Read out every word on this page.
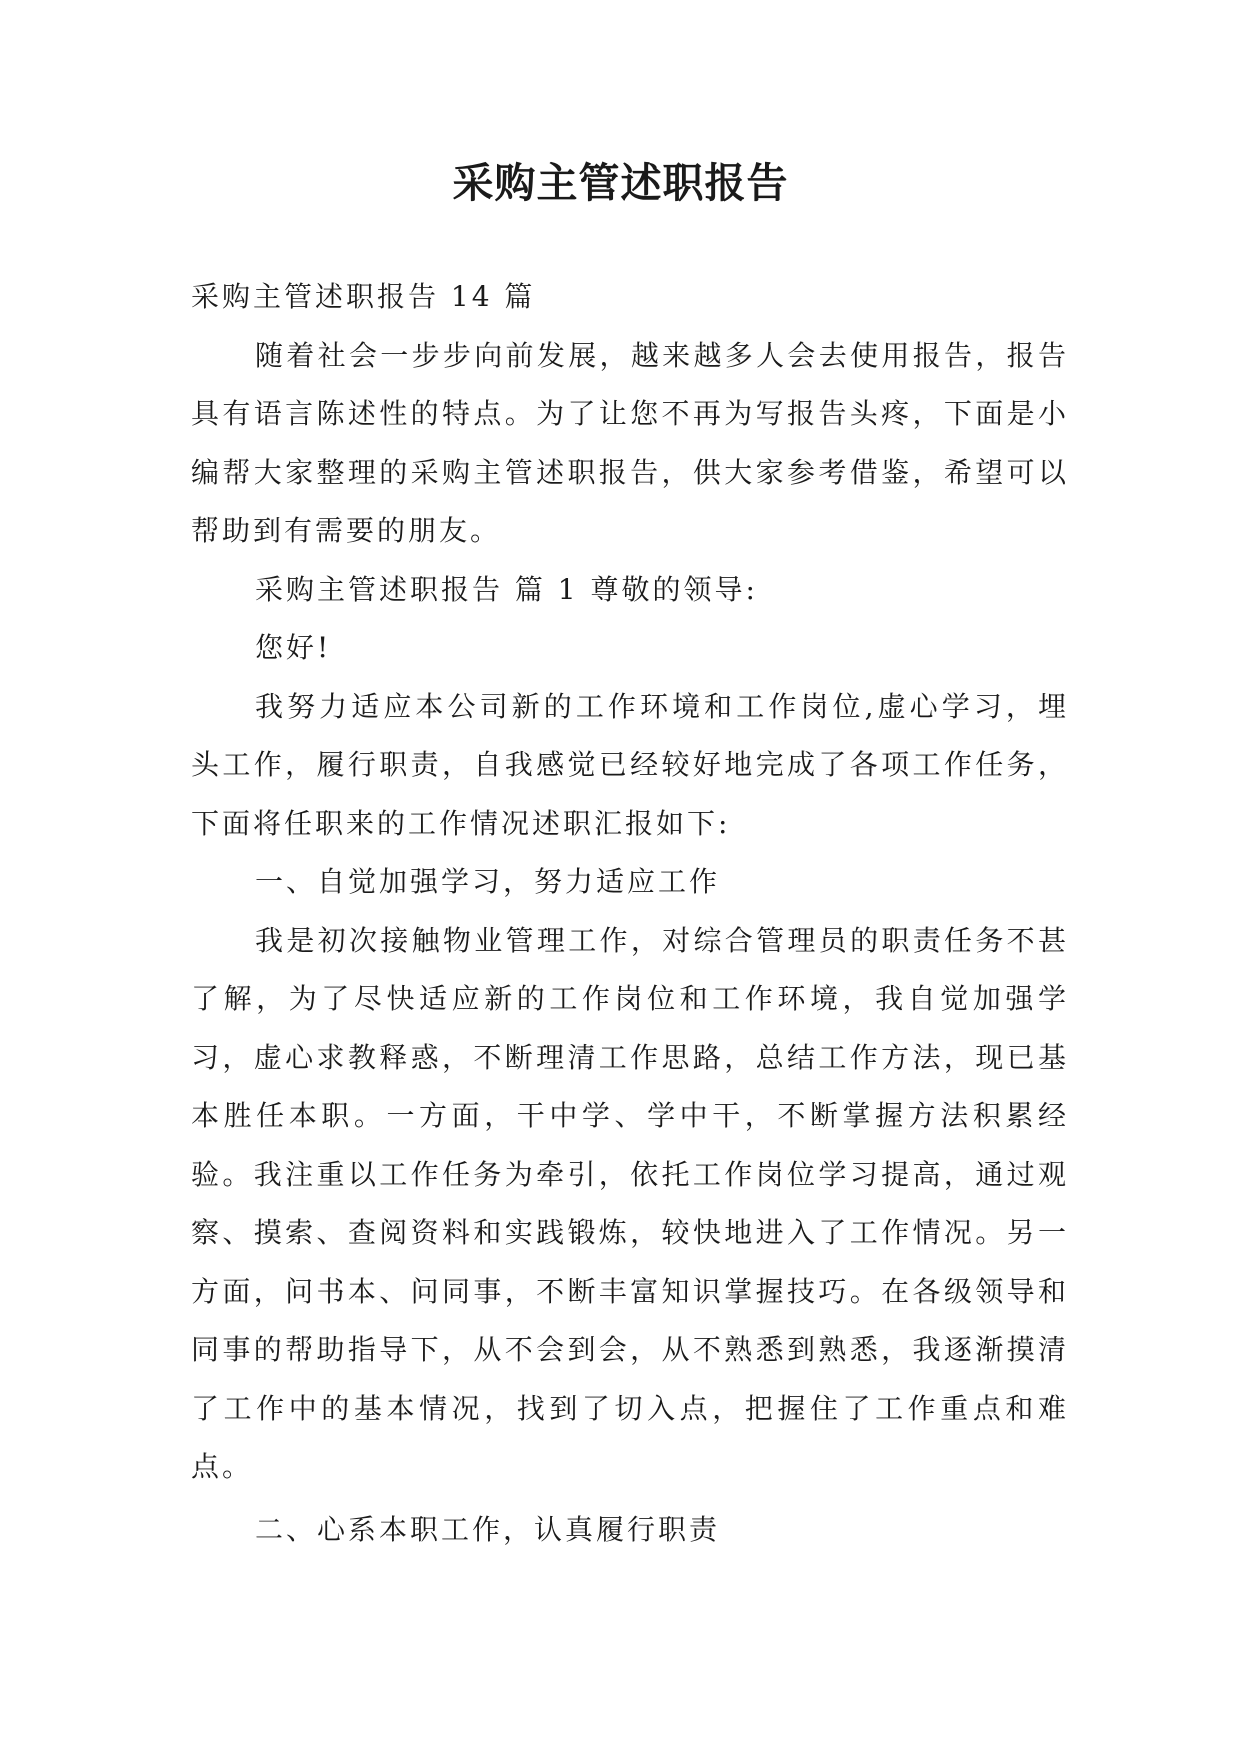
采购主管述职报告

采购主管述职报告 14 篇

随着社会一步步向前发展，越来越多人会去使用报告，报告具有语言陈述性的特点。为了让您不再为写报告头疼，下面是小编帮大家整理的采购主管述职报告，供大家参考借鉴，希望可以帮助到有需要的朋友。

采购主管述职报告 篇 1 尊敬的领导:

您好!

我努力适应本公司新的工作环境和工作岗位,虚心学习，埋头工作，履行职责，自我感觉已经较好地完成了各项工作任务，下面将任职来的工作情况述职汇报如下:

一、自觉加强学习，努力适应工作

我是初次接触物业管理工作，对综合管理员的职责任务不甚了解，为了尽快适应新的工作岗位和工作环境，我自觉加强学习，虚心求教释惑，不断理清工作思路，总结工作方法，现已基本胜任本职。一方面，干中学、学中干，不断掌握方法积累经验。我注重以工作任务为牵引，依托工作岗位学习提高，通过观察、摸索、查阅资料和实践锻炼，较快地进入了工作情况。另一方面，问书本、问同事，不断丰富知识掌握技巧。在各级领导和同事的帮助指导下，从不会到会，从不熟悉到熟悉，我逐渐摸清了工作中的基本情况，找到了切入点，把握住了工作重点和难点。

二、心系本职工作，认真履行职责
